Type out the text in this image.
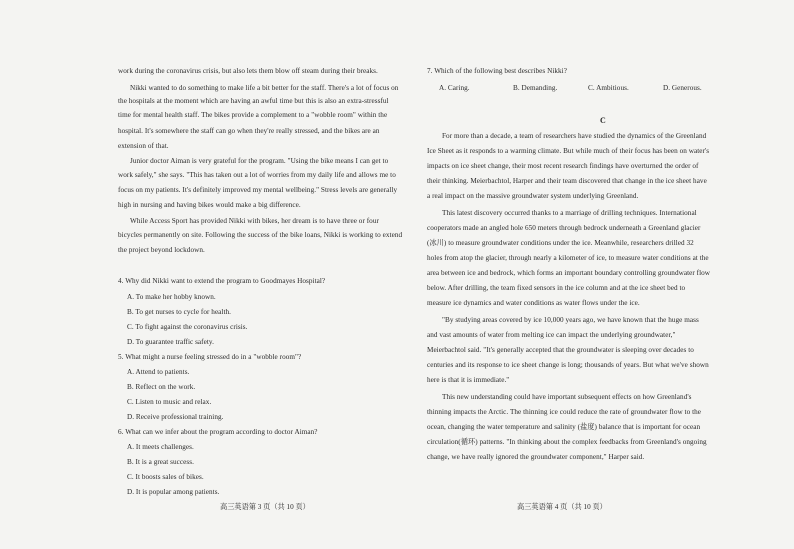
work during the coronavirus crisis, but also lets them blow off steam during their breaks.
Nikki wanted to do something to make life a bit better for the staff. There's a lot of focus on
the hospitals at the moment which are having an awful time but this is also an extra-stressful
time for mental health staff. The bikes provide a complement to a "wobble room" within the
hospital. It's somewhere the staff can go when they're really stressed, and the bikes are an
extension of that.
Junior doctor Aiman is very grateful for the program. "Using the bike means I can get to
work safely," she says. "This has taken out a lot of worries from my daily life and allows me to
focus on my patients. It's definitely improved my mental wellbeing." Stress levels are generally
high in nursing and having bikes would make a big difference.
While Access Sport has provided Nikki with bikes, her dream is to have three or four
bicycles permanently on site. Following the success of the bike loans, Nikki is working to extend
the project beyond lockdown.
4. Why did Nikki want to extend the program to Goodmayes Hospital?
A. To make her hobby known.
B. To get nurses to cycle for health.
C. To fight against the coronavirus crisis.
D. To guarantee traffic safety.
5. What might a nurse feeling stressed do in a "wobble room"?
A. Attend to patients.
B. Reflect on the work.
C. Listen to music and relax.
D. Receive professional training.
6. What can we infer about the program according to doctor Aiman?
A. It meets challenges.
B. It is a great success.
C. It boosts sales of bikes.
D. It is popular among patients.
高三英语第 3 页（共 10 页）
7. Which of the following best describes Nikki?
A. Caring.	B. Demanding.	C. Ambitious.	D. Generous.
C
For more than a decade, a team of researchers have studied the dynamics of the Greenland
Ice Sheet as it responds to a warming climate. But while much of their focus has been on water's
impacts on ice sheet change, their most recent research findings have overturned the order of
their thinking. Meierbachtol, Harper and their team discovered that change in the ice sheet have
a real impact on the massive groundwater system underlying Greenland.
This latest discovery occurred thanks to a marriage of drilling techniques. International
cooperators made an angled hole 650 meters through bedrock underneath a Greenland glacier
(冰川) to measure groundwater conditions under the ice. Meanwhile, researchers drilled 32
holes from atop the glacier, through nearly a kilometer of ice, to measure water conditions at the
area between ice and bedrock, which forms an important boundary controlling groundwater flow
below. After drilling, the team fixed sensors in the ice column and at the ice sheet bed to
measure ice dynamics and water conditions as water flows under the ice.
"By studying areas covered by ice 10,000 years ago, we have known that the huge mass
and vast amounts of water from melting ice can impact the underlying groundwater,"
Meierbachtol said. "It's generally accepted that the groundwater is sleeping over decades to
centuries and its response to ice sheet change is long; thousands of years. But what we've shown
here is that it is immediate."
This new understanding could have important subsequent effects on how Greenland's
thinning impacts the Arctic. The thinning ice could reduce the rate of groundwater flow to the
ocean, changing the water temperature and salinity (盐度) balance that is important for ocean
circulation(循环) patterns. "In thinking about the complex feedbacks from Greenland's ongoing
change, we have really ignored the groundwater component," Harper said.
高三英语第 4 页（共 10 页）
